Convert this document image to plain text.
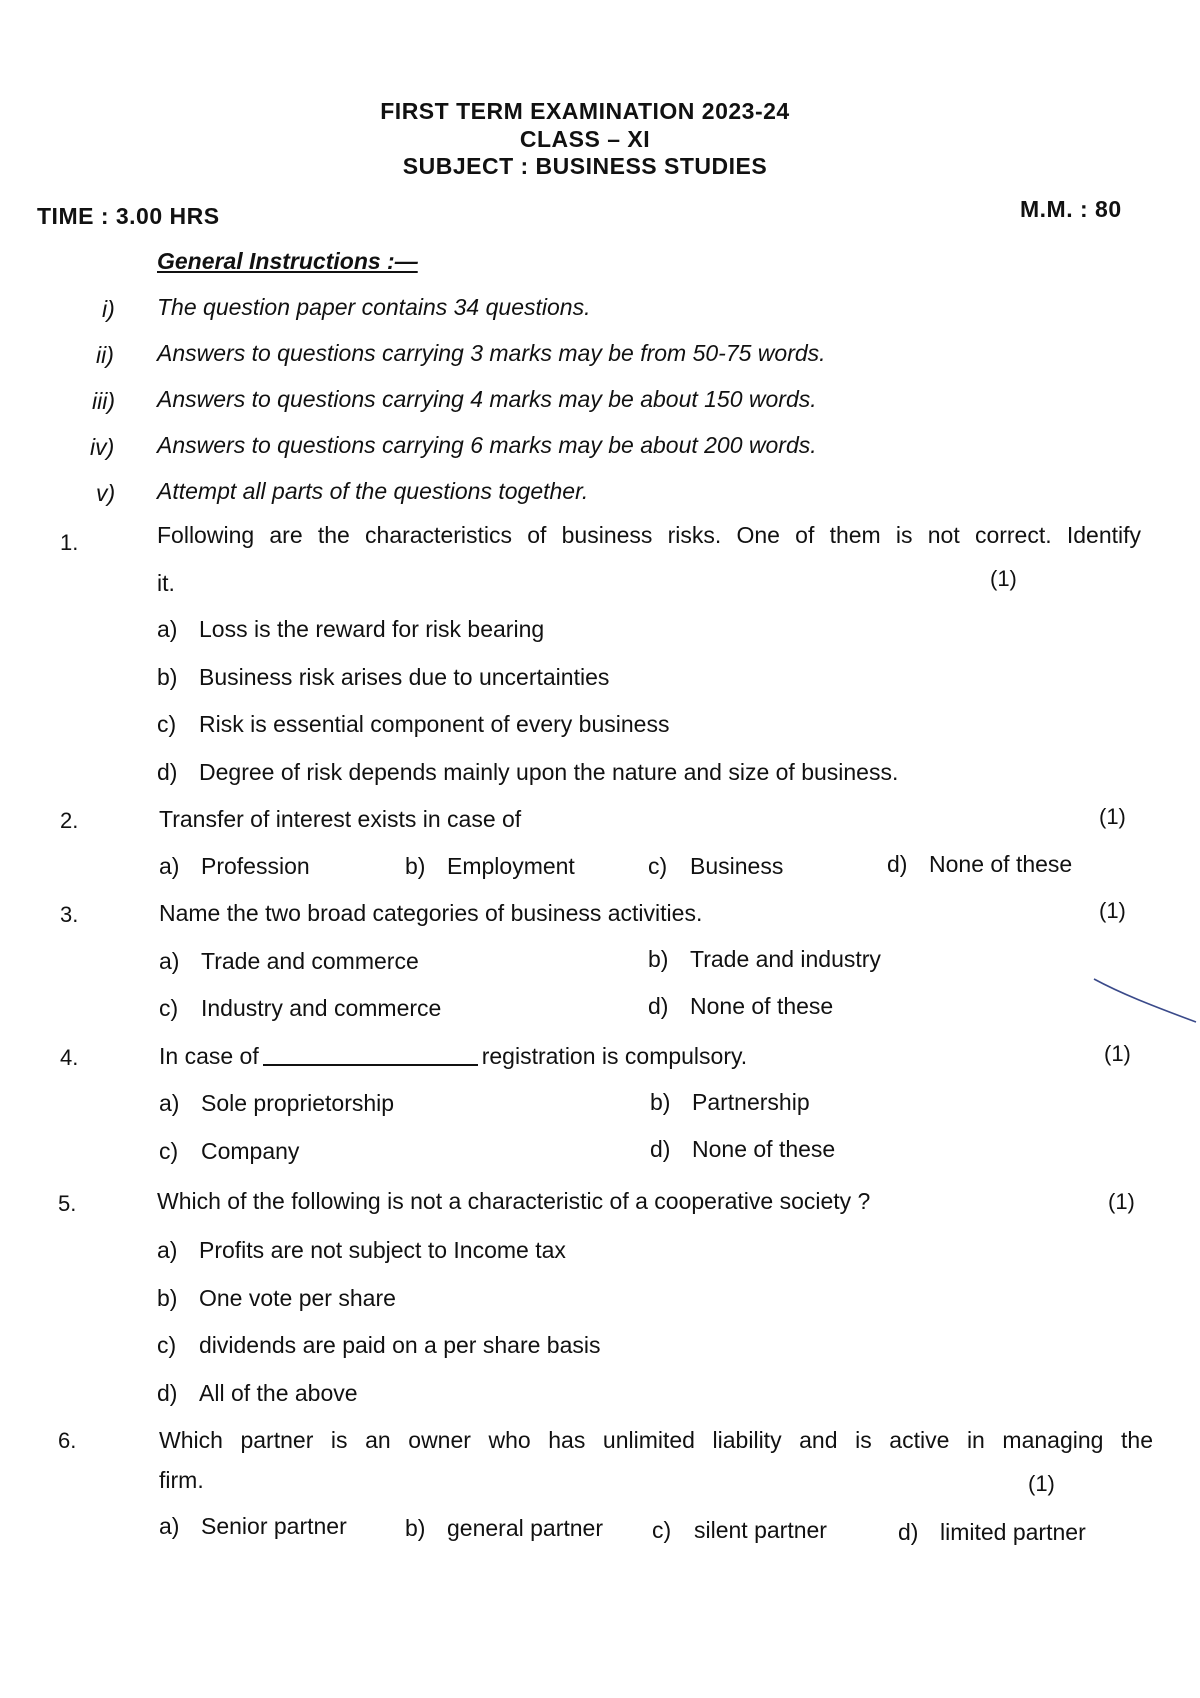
FIRST TERM EXAMINATION 2023-24
CLASS – XI
SUBJECT : BUSINESS STUDIES
TIME : 3.00 HRS	M.M. : 80
General Instructions :—
i) The question paper contains 34 questions.
ii) Answers to questions carrying 3 marks may be from 50-75 words.
iii) Answers to questions carrying 4 marks may be about 150 words.
iv) Answers to questions carrying 6 marks may be about 200 words.
v) Attempt all parts of the questions together.
1.	Following are the characteristics of business risks. One of them is not correct. Identify
it.	(1)
a) Loss is the reward for risk bearing
b) Business risk arises due to uncertainties
c) Risk is essential component of every business
d) Degree of risk depends mainly upon the nature and size of business.
2.	Transfer of interest exists in case of	(1)
a) Profession	b) Employment	c) Business	d) None of these
3.	Name the two broad categories of business activities.	(1)
a) Trade and commerce	b) Trade and industry
c) Industry and commerce	d) None of these
4.	In case of	registration is compulsory.	(1)
a) Sole proprietorship	b) Partnership
c) Company	d) None of these
5.	Which of the following is not a characteristic of a cooperative society ?	(1)
a) Profits are not subject to Income tax
b) One vote per share
c) dividends are paid on a per share basis
d) All of the above
6.	Which partner is an owner who has unlimited liability and is active in managing the
firm.	(1)
a) Senior partner	b) general partner c) silent partner	d) limited partner
